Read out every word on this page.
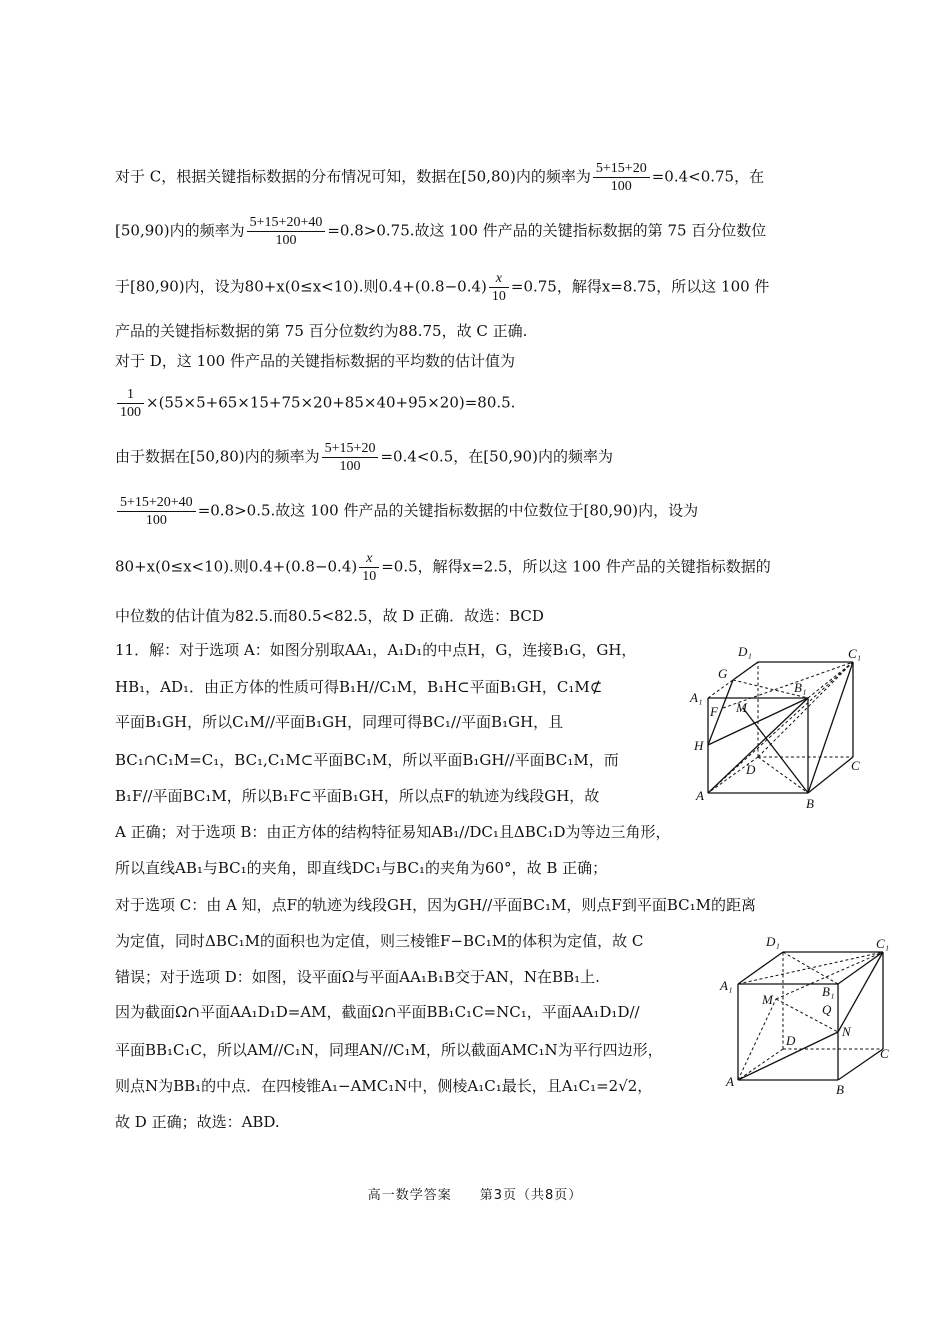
对于 C，根据关键指标数据的分布情况可知，数据在[50,80)内的频率为 $\frac{5+15+20}{100} =0.4<0.75$，在
[50,90)内的频率为 $\frac{5+15+20+40}{100} =0.8>0.75$.故这 100 件产品的关键指标数据的第 75 百分位数位
于[80,90)内，设为80+x(0≤x<10).则$0.4+(0.8-0.4) \frac{x}{10} =0.75$，解得x=8.75，所以这 100 件
产品的关键指标数据的第 75 百分位数约为88.75，故 C 正确.
对于 D，这 100 件产品的关键指标数据的平均数的估计值为
$\frac{1}{100} \times(55\times 5+65\times 15+75\times 20+85\times 40+95\times 20)=80.5$.
由于数据在[50,80)内的频率为 $\frac{5+15+20}{100} =0.4<0.5$，在[50,90)内的频率为
$\frac{5+15+20+40}{100} =0.8>0.5$.故这 100 件产品的关键指标数据的中位数位于[80,90)内，设为
80+x(0≤x<10).则$0.4+(0.8-0.4) \frac{x}{10} =0.5$，解得x=2.5，所以这 100 件产品的关键指标数据的
中位数的估计值为82.5.而80.5<82.5，故 D 正确．故选：BCD
11．解：对于选项 A：如图分别取AA₁，A₁D₁的中点H，G，连接B₁G，GH，
HB₁，AD₁．由正方体的性质可得B₁H//C₁M，B₁H⊂平面B₁GH，C₁M⊄
平面B₁GH，所以C₁M//平面B₁GH，同理可得BC₁//平面B₁GH，且
BC₁∩C₁M=C₁，BC₁,C₁M⊂平面BC₁M，所以平面B₁GH//平面BC₁M，而
B₁F//平面BC₁M，所以B₁F⊂平面B₁GH，所以点F的轨迹为线段GH，故
A 正确；对于选项 B：由正方体的结构特征易知AB₁//DC₁且ΔBC₁D为等边三角形，
所以直线AB₁与BC₁的夹角，即直线DC₁与BC₁的夹角为60°，故 B 正确；
对于选项 C：由 A 知，点F的轨迹为线段GH，因为GH//平面BC₁M，则点F到平面BC₁M的距离
为定值，同时ΔBC₁M的面积也为定值，则三棱锥F−BC₁M的体积为定值，故 C
错误；对于选项 D：如图，设平面Ω与平面AA₁B₁B交于AN，N在BB₁上.
因为截面Ω∩平面AA₁D₁D=AM，截面Ω∩平面BB₁C₁C=NC₁，平面AA₁D₁D//
平面BB₁C₁C，所以AM//C₁N，同理AN//C₁M，所以截面AMC₁N为平行四边形，
则点N为BB₁的中点．在四棱锥A₁−AMC₁N中，侧棱A₁C₁最长，且A₁C₁=2√2，
故 D 正确；故选：ABD.
D₁	C₁
G
B₁
A₁
F M
H
D	C
A
B
D₁	C₁
A₁	B₁
M
Q
N
D
C
A
B
高一数学答案　　第3页（共8页）
